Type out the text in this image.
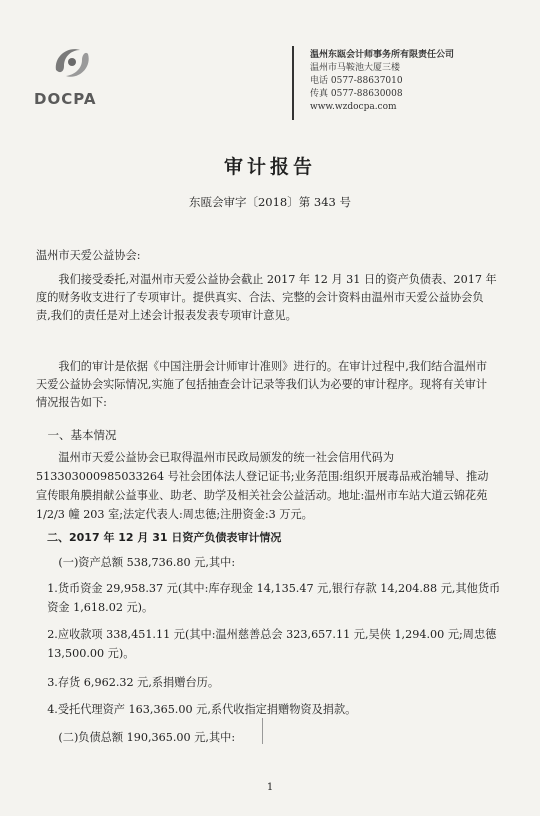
DOCPA
温州东瓯会计师事务所有限责任公司
温州市马鞍池大厦三楼
电话 0577-88637010
传真 0577-88630008
www.wzdocpa.com
审计报告
东瓯会审字〔2018〕第 343 号

温州市天爱公益协会:

我们接受委托,对温州市天爱公益协会截止 2017 年 12 月 31 日的资产负债表、2017 年度的财务收支进行了专项审计。提供真实、合法、完整的会计资料由温州市天爱公益协会负责,我们的责任是对上述会计报表发表专项审计意见。

我们的审计是依据《中国注册会计师审计准则》进行的。在审计过程中,我们结合温州市天爱公益协会实际情况,实施了包括抽查会计记录等我们认为必要的审计程序。现将有关审计情况报告如下:

一、基本情况

温州市天爱公益协会已取得温州市民政局颁发的统一社会信用代码为 51330300098503326​4 号社会团体法人登记证书;业务范围:组织开展毒品戒治辅导、推动宣传眼角膜捐献公益事业、助老、助学及相关社会公益活动。地址:温州市车站大道云锦花苑 1/2/3 幢 203 室;法定代表人:周忠德;注册资金:3 万元。

二、2017 年 12 月 31 日资产负债表审计情况

(一)资产总额 538,736.80 元,其中:

1.货币资金 29,958.37 元(其中:库存现金 14,135.47 元,银行存款 14,204.88 元,其他货币资金 1,618.02 元)。

2.应收款项 338,451.11 元(其中:温州慈善总会 323,657.11 元,吴侠 1,294.00 元;周忠德 13,500.00 元)。

3.存货 6,962.32 元,系捐赠台历。

4.受托代理资产 163,365.00 元,系代收指定捐赠物资及捐款。

(二)负债总额 190,365.00 元,其中:

1
